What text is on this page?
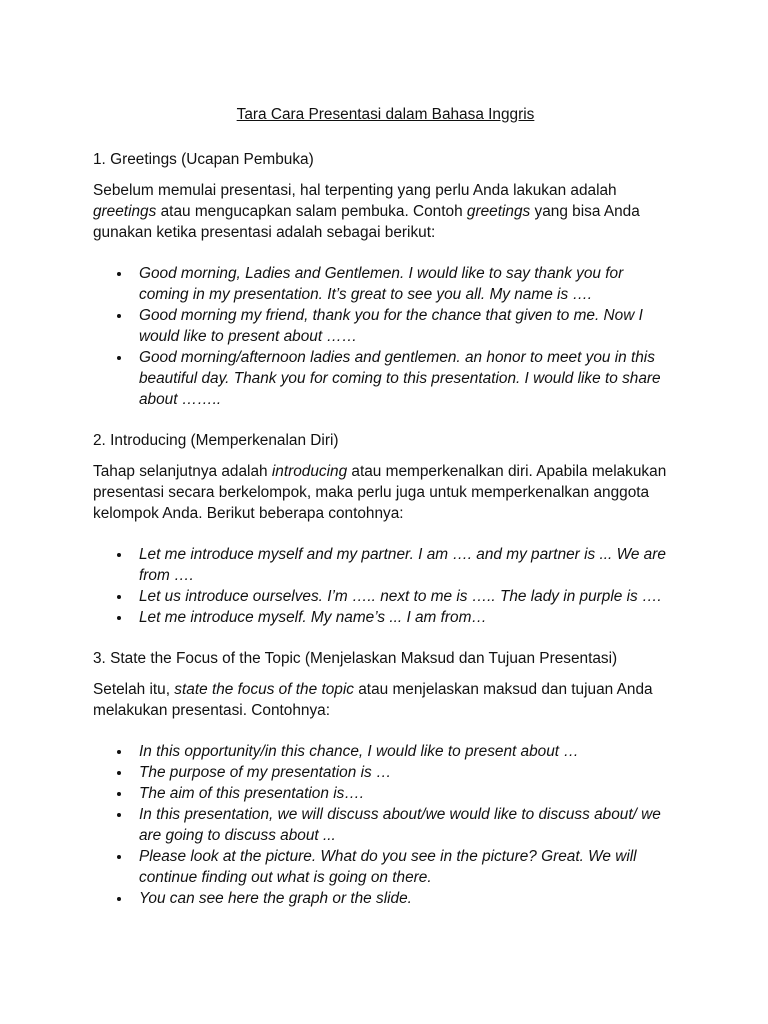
Tara Cara Presentasi dalam Bahasa Inggris
1. Greetings (Ucapan Pembuka)

Sebelum memulai presentasi, hal terpenting yang perlu Anda lakukan adalah greetings atau mengucapkan salam pembuka. Contoh greetings yang bisa Anda gunakan ketika presentasi adalah sebagai berikut:

Good morning, Ladies and Gentlemen. I would like to say thank you for coming in my presentation. It’s great to see you all. My name is ….
Good morning my friend, thank you for the chance that given to me. Now I would like to present about ……
Good morning/afternoon ladies and gentlemen. an honor to meet you in this beautiful day. Thank you for coming to this presentation. I would like to share about ……..
2. Introducing (Memperkenalan Diri)

Tahap selanjutnya adalah introducing atau memperkenalkan diri. Apabila melakukan presentasi secara berkelompok, maka perlu juga untuk memperkenalkan anggota kelompok Anda. Berikut beberapa contohnya:

Let me introduce myself and my partner. I am …. and my partner is ... We are from ….
Let us introduce ourselves. I’m ….. next to me is ….. The lady in purple is ….
Let me introduce myself. My name’s ... I am from…
3. State the Focus of the Topic (Menjelaskan Maksud dan Tujuan Presentasi)

Setelah itu, state the focus of the topic atau menjelaskan maksud dan tujuan Anda melakukan presentasi. Contohnya:

In this opportunity/in this chance, I would like to present about …
The purpose of my presentation is …
The aim of this presentation is….
In this presentation, we will discuss about/we would like to discuss about/ we are going to discuss about ...
Please look at the picture. What do you see in the picture? Great. We will continue finding out what is going on there.
You can see here the graph or the slide.
